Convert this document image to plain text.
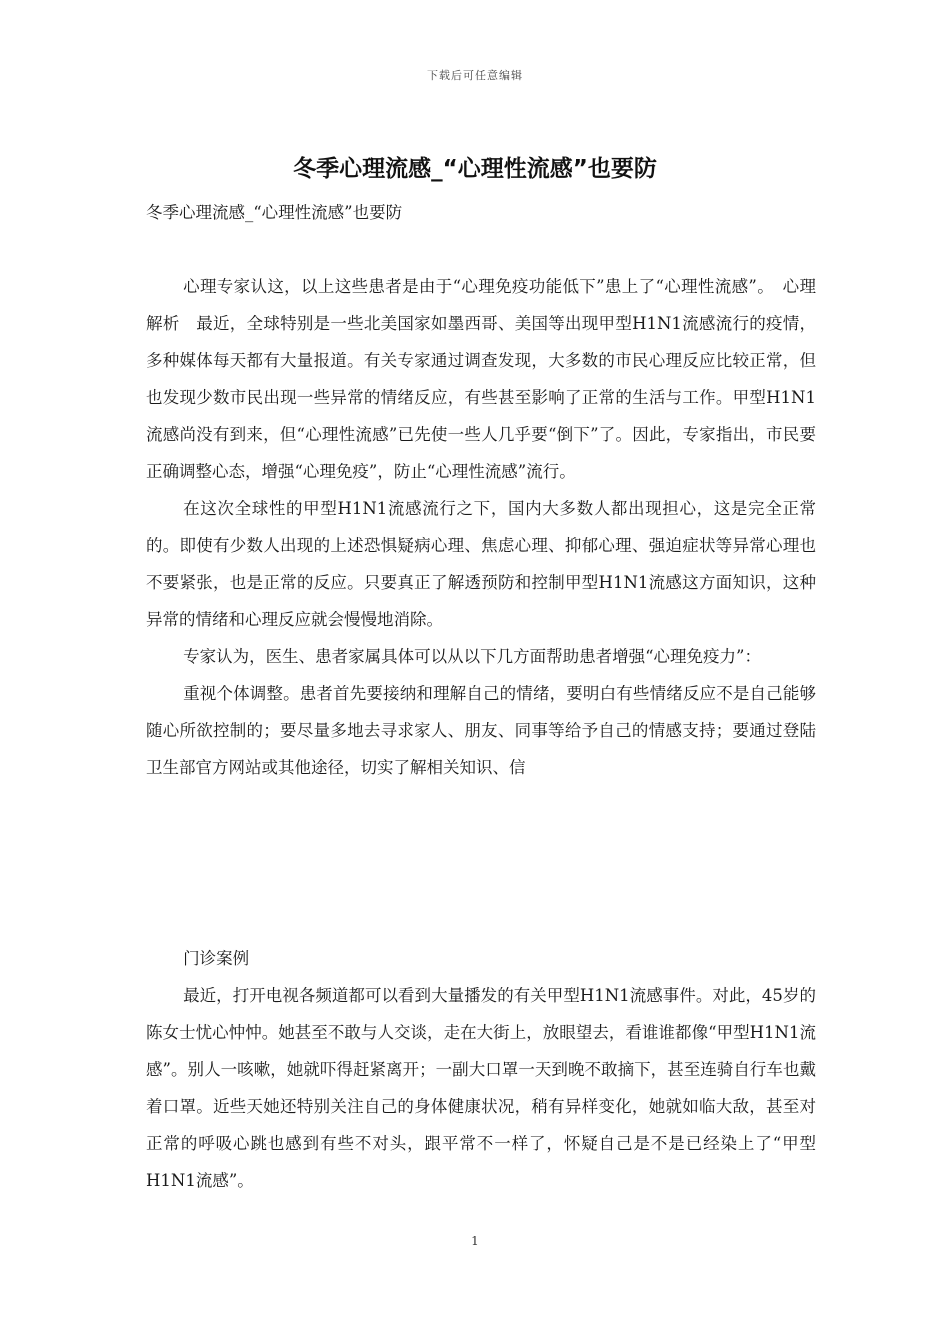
下载后可任意编辑
冬季心理流感_“心理性流感”也要防
冬季心理流感_“心理性流感”也要防

心理专家认这，以上这些患者是由于“心理免疫功能低下”患上了“心理性流感”。　心理解析　最近，全球特别是一些北美国家如墨西哥、美国等出现甲型H1N1流感流行的疫情，多种媒体每天都有大量报道。有关专家通过调查发现，大多数的市民心理反应比较正常，但也发现少数市民出现一些异常的情绪反应，有些甚至影响了正常的生活与工作。甲型H1N1流感尚没有到来，但“心理性流感”已先使一些人几乎要“倒下”了。因此，专家指出，市民要正确调整心态，增强“心理免疫”，防止“心理性流感”流行。

在这次全球性的甲型H1N1流感流行之下，国内大多数人都出现担心，这是完全正常的。即使有少数人出现的上述恐惧疑病心理、焦虑心理、抑郁心理、强迫症状等异常心理也不要紧张，也是正常的反应。只要真正了解透预防和控制甲型H1N1流感这方面知识，这种异常的情绪和心理反应就会慢慢地消除。

专家认为，医生、患者家属具体可以从以下几方面帮助患者增强“心理免疫力”：

重视个体调整。患者首先要接纳和理解自己的情绪，要明白有些情绪反应不是自己能够随心所欲控制的；要尽量多地去寻求家人、朋友、同事等给予自己的情感支持；要通过登陆卫生部官方网站或其他途径，切实了解相关知识、信

门诊案例

最近，打开电视各频道都可以看到大量播发的有关甲型H1N1流感事件。对此，45岁的陈女士忧心忡忡。她甚至不敢与人交谈，走在大街上，放眼望去，看谁谁都像“甲型H1N1流感”。别人一咳嗽，她就吓得赶紧离开；一副大口罩一天到晚不敢摘下，甚至连骑自行车也戴着口罩。近些天她还特别关注自己的身体健康状况，稍有异样变化，她就如临大敌，甚至对正常的呼吸心跳也感到有些不对头，跟平常不一样了，怀疑自己是不是已经染上了“甲型H1N1流感”。

1
